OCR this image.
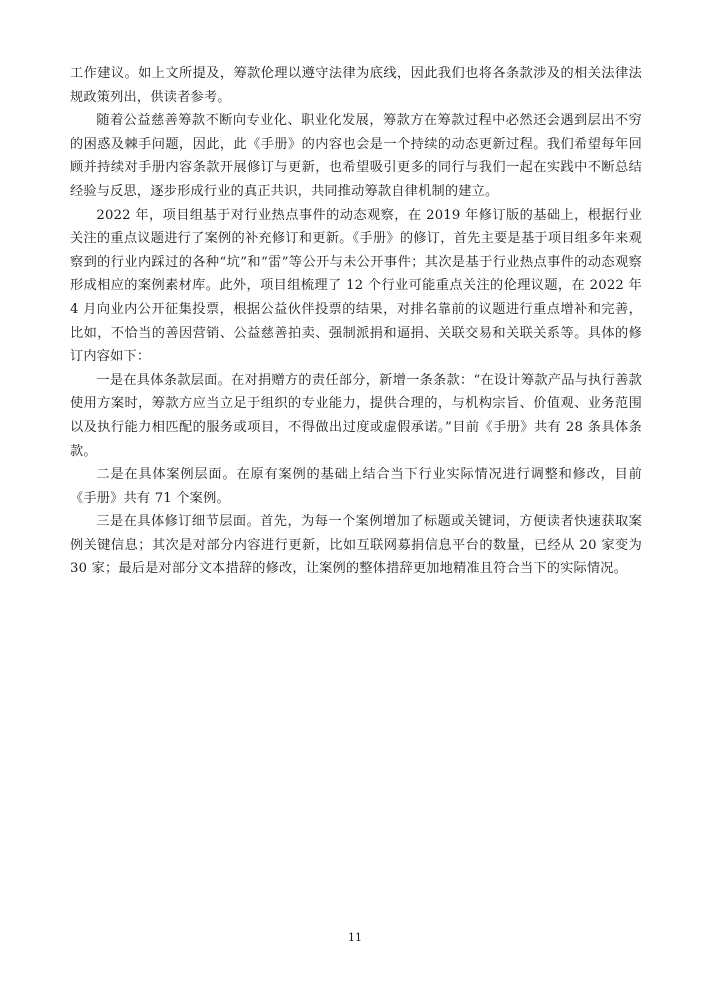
工作建议。如上文所提及，筹款伦理以遵守法律为底线，因此我们也将各条款涉及的相关法律法规政策列出，供读者参考。

随着公益慈善筹款不断向专业化、职业化发展，筹款方在筹款过程中必然还会遇到层出不穷的困惑及棘手问题，因此，此《手册》的内容也会是一个持续的动态更新过程。我们希望每年回顾并持续对手册内容条款开展修订与更新，也希望吸引更多的同行与我们一起在实践中不断总结经验与反思，逐步形成行业的真正共识，共同推动筹款自律机制的建立。

2022 年，项目组基于对行业热点事件的动态观察，在 2019 年修订版的基础上，根据行业关注的重点议题进行了案例的补充修订和更新。《手册》的修订，首先主要是基于项目组多年来观察到的行业内踩过的各种“坑”和“雷”等公开与未公开事件；其次是基于行业热点事件的动态观察形成相应的案例素材库。此外，项目组梳理了 12 个行业可能重点关注的伦理议题，在 2022 年 4 月向业内公开征集投票，根据公益伙伴投票的结果，对排名靠前的议题进行重点增补和完善，比如，不恰当的善因营销、公益慈善拍卖、强制派捐和逼捐、关联交易和关联关系等。具体的修订内容如下：

一是在具体条款层面。在对捐赠方的责任部分，新增一条条款：“在设计筹款产品与执行善款使用方案时，筹款方应当立足于组织的专业能力，提供合理的，与机构宗旨、价值观、业务范围以及执行能力相匹配的服务或项目，不得做出过度或虚假承诺。”目前《手册》共有 28 条具体条款。

二是在具体案例层面。在原有案例的基础上结合当下行业实际情况进行调整和修改，目前《手册》共有 71 个案例。

三是在具体修订细节层面。首先，为每一个案例增加了标题或关键词，方便读者快速获取案例关键信息；其次是对部分内容进行更新，比如互联网募捐信息平台的数量，已经从 20 家变为 30 家；最后是对部分文本措辞的修改，让案例的整体措辞更加地精准且符合当下的实际情况。

11
